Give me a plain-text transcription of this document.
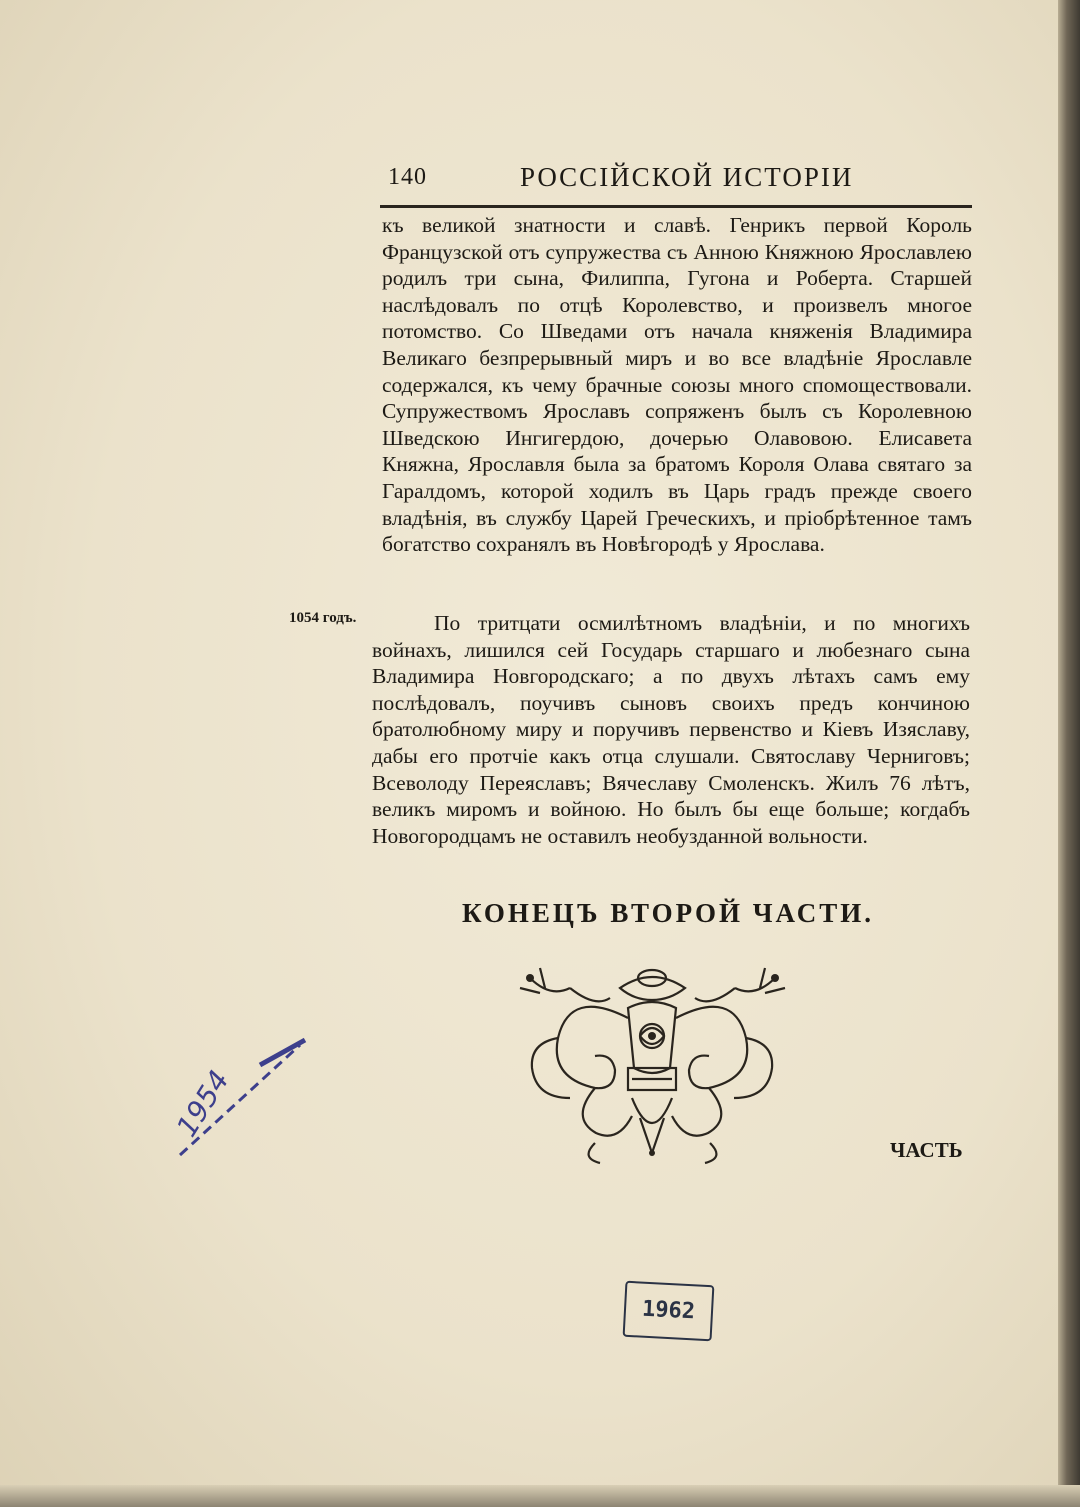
140	РОССІЙСКОЙ ИСТОРІИ

къ великой знатности и славѣ. Генрикъ первой Король Французской отъ супружества съ Анною Княжною Ярославлею родилъ три сына, Филиппа, Гугона и Роберта. Старшей наслѣдовалъ по отцѣ Королевство, и произвелъ многое потомство. Со Шведами отъ начала княженія Владимира Великаго безпрерывный миръ и во все владѣніе Ярославле содержался, къ чему брачные союзы много спомоществовали. Супружествомъ Ярославъ сопряженъ былъ съ Королевною Шведскою Ингигердою, дочерью Олавовою. Елисавета Княжна, Ярославля была за братомъ Короля Олава святаго за Гаралдомъ, которой ходилъ въ Царь градъ прежде своего владѣнія, въ службу Царей Греческихъ, и пріобрѣтенное тамъ богатство сохранялъ въ Новѣгородѣ у Ярослава.

1054 годъ.	По тритцати осмилѣтномъ владѣніи, и по многихъ войнахъ, лишился сей Государь старшаго и любезнаго сына Владимира Новгородскаго; а по двухъ лѣтахъ самъ ему послѣдовалъ, поучивъ сыновъ своихъ предъ кончиною братолюбному миру и поручивъ первенство и Кіевъ Изяславу, дабы его протчіе какъ отца слушали. Святославу Черниговъ; Всеволоду Переяславъ; Вячеславу Смоленскъ. Жилъ 76 лѣтъ, великъ миромъ и войною. Но былъ бы еще больше; когдабъ Новогородцамъ не оставилъ необузданной вольности.

КОНЕЦЪ ВТОРОЙ ЧАСТИ.
ЧАСТЬ
1962
1954
